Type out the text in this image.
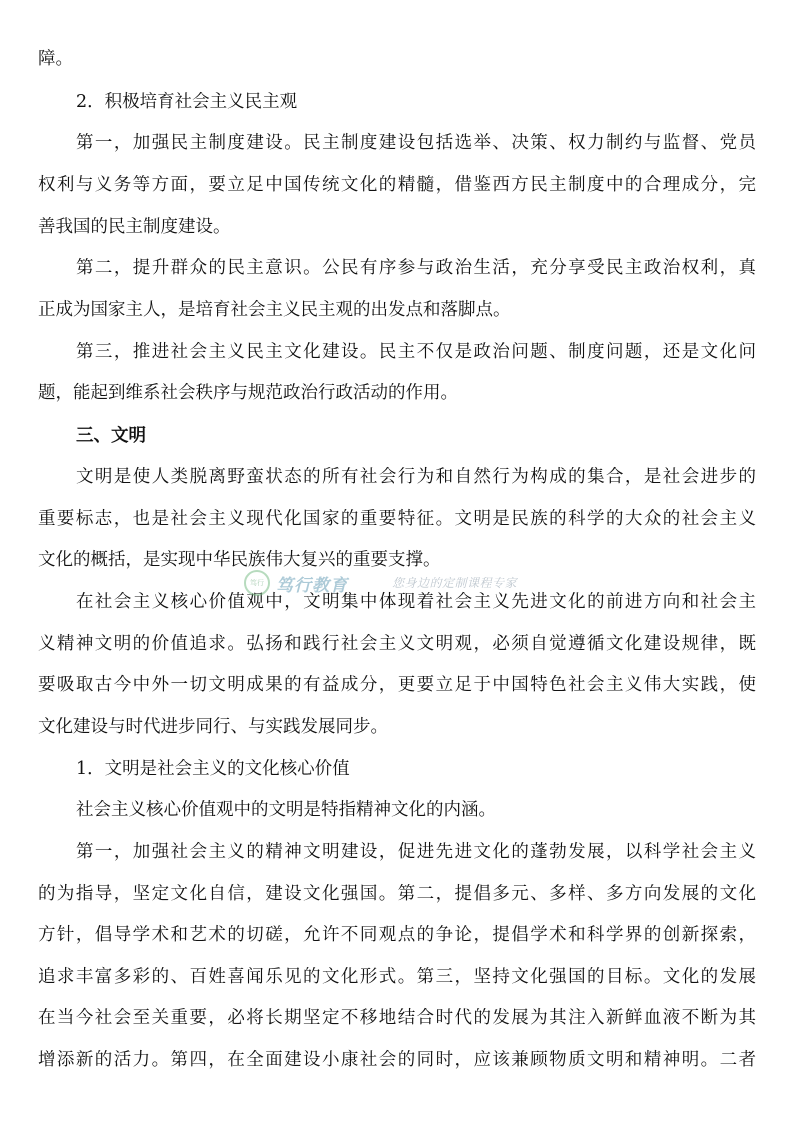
障。

2．积极培育社会主义民主观

第一，加强民主制度建设。民主制度建设包括选举、决策、权力制约与监督、党员

权利与义务等方面，要立足中国传统文化的精髓，借鉴西方民主制度中的合理成分，完

善我国的民主制度建设。

第二，提升群众的民主意识。公民有序参与政治生活，充分享受民主政治权利，真

正成为国家主人，是培育社会主义民主观的出发点和落脚点。

第三，推进社会主义民主文化建设。民主不仅是政治问题、制度问题，还是文化问

题，能起到维系社会秩序与规范政治行政活动的作用。

三、文明

文明是使人类脱离野蛮状态的所有社会行为和自然行为构成的集合，是社会进步的

重要标志，也是社会主义现代化国家的重要特征。文明是民族的科学的大众的社会主义

文化的概括，是实现中华民族伟大复兴的重要支撑。

在社会主义核心价值观中，文明集中体现着社会主义先进文化的前进方向和社会主

义精神文明的价值追求。弘扬和践行社会主义文明观，必须自觉遵循文化建设规律，既

要吸取古今中外一切文明成果的有益成分，更要立足于中国特色社会主义伟大实践，使

文化建设与时代进步同行、与实践发展同步。

1．文明是社会主义的文化核心价值

社会主义核心价值观中的文明是特指精神文化的内涵。

第一，加强社会主义的精神文明建设，促进先进文化的蓬勃发展，以科学社会主义

的为指导，坚定文化自信，建设文化强国。第二，提倡多元、多样、多方向发展的文化

方针，倡导学术和艺术的切磋，允许不同观点的争论，提倡学术和科学界的创新探索，

追求丰富多彩的、百姓喜闻乐见的文化形式。第三，坚持文化强国的目标。文化的发展

在当今社会至关重要，必将长期坚定不移地结合时代的发展为其注入新鲜血液不断为其

增添新的活力。第四，在全面建设小康社会的同时，应该兼顾物质文明和精神明。二者

笃行 笃行教育	您身边的定制课程专家
